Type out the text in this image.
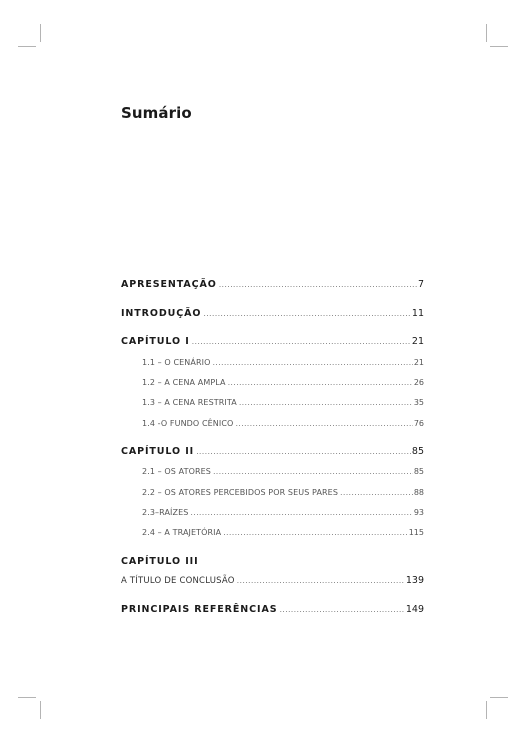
Sumário
APRESENTAÇÃO .....	7
INTRODUÇÃO .....	11
CAPÍTULO I .....	21
1.1 – O CENÁRIO .....	21
1.2 – A CENA AMPLA .....	26
1.3 – A CENA RESTRITA .....	35
1.4 -O FUNDO CÊNICO .....	76
CAPÍTULO II .....	85
2.1 – OS ATORES .....	85
2.2 – OS ATORES PERCEBIDOS POR SEUS PARES .....	88
2.3–RAÍZES .....	93
2.4 – A TRAJETÓRIA .....	115
CAPÍTULO III
A TÍTULO DE CONCLUSÃO .....	139
PRINCIPAIS REFERÊNCIAS .....	149
